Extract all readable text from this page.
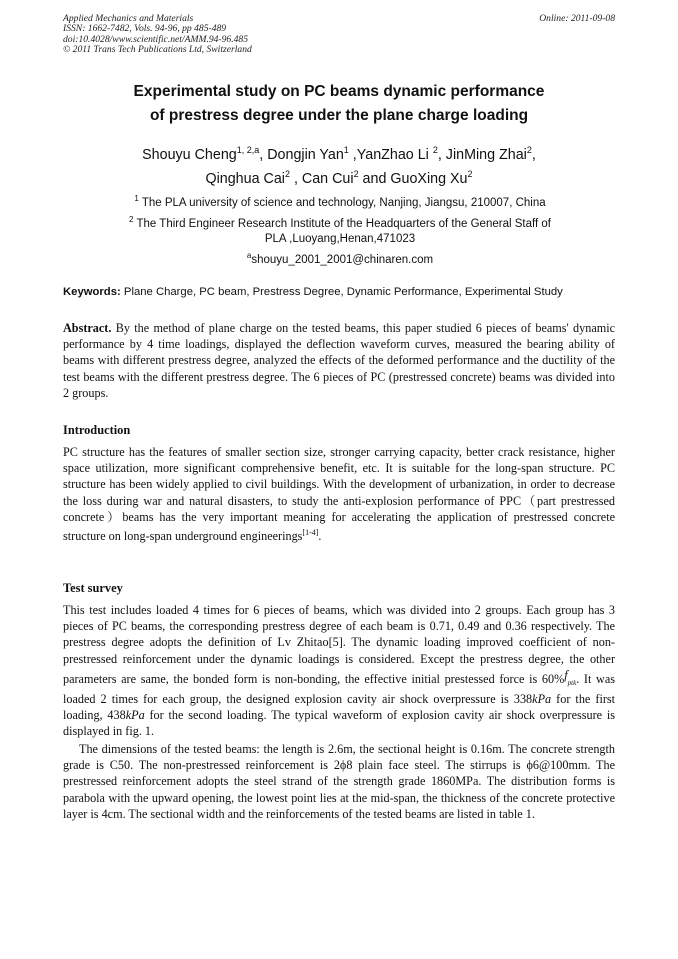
Applied Mechanics and Materials
ISSN: 1662-7482, Vols. 94-96, pp 485-489
doi:10.4028/www.scientific.net/AMM.94-96.485
© 2011 Trans Tech Publications Ltd, Switzerland
Online: 2011-09-08
Experimental study on PC beams dynamic performance
of prestress degree under the plane charge loading
Shouyu Cheng$^{1, 2,a}$, Dongjin Yan$^1$ ,YanZhao Li $^2$, JinMing Zhai$^2$,
Qinghua Cai$^2$ , Can Cui$^2$ and GuoXing Xu$^2$
$^1$ The PLA university of science and technology, Nanjing, Jiangsu, 210007, China
$^2$ The Third Engineer Research Institute of the Headquarters of the General Staff of
PLA ,Luoyang,Henan,471023
$^a$shouyu_2001_2001@chinaren.com
Keywords: Plane Charge, PC beam, Prestress Degree, Dynamic Performance, Experimental Study
Abstract. By the method of plane charge on the tested beams, this paper studied 6 pieces of beams' dynamic performance by 4 time loadings, displayed the deflection waveform curves, measured the bearing ability of beams with different prestress degree, analyzed the effects of the deformed performance and the ductility of the test beams with the different prestress degree. The 6 pieces of PC (prestressed concrete) beams was divided into 2 groups.
Introduction
PC structure has the features of smaller section size, stronger carrying capacity, better crack resistance, higher space utilization, more significant comprehensive benefit, etc. It is suitable for the long-span structure. PC structure has been widely applied to civil buildings. With the development of urbanization, in order to decrease the loss during war and natural disasters, to study the anti-explosion performance of PPC（part prestressed concrete）beams has the very important meaning for accelerating the application of prestressed concrete structure on long-span underground engineerings[1-4].
Test survey
This test includes loaded 4 times for 6 pieces of beams, which was divided into 2 groups. Each group has 3 pieces of PC beams, the corresponding prestress degree of each beam is 0.71, 0.49 and 0.36 respectively. The prestress degree adopts the definition of Lv Zhitao[5]. The dynamic loading improved coefficient of non-prestressed reinforcement under the dynamic loadings is considered. Except the prestress degree, the other parameters are same, the bonded form is non-bonding, the effective initial prestessed force is $60\%f_{ptk}$. It was loaded 2 times for each group, the designed explosion cavity air shock overpressure is 338kPa for the first loading, 438kPa for the second loading. The typical waveform of explosion cavity air shock overpressure is displayed in fig. 1.
The dimensions of the tested beams: the length is 2.6m, the sectional height is 0.16m. The concrete strength grade is C50. The non-prestressed reinforcement is 2ϕ8 plain face steel. The stirrups is ϕ6@100mm. The prestressed reinforcement adopts the steel strand of the strength grade 1860MPa. The distribution forms is parabola with the upward opening, the lowest point lies at the mid-span, the thickness of the concrete protective layer is 4cm. The sectional width and the reinforcements of the tested beams are listed in table 1.
